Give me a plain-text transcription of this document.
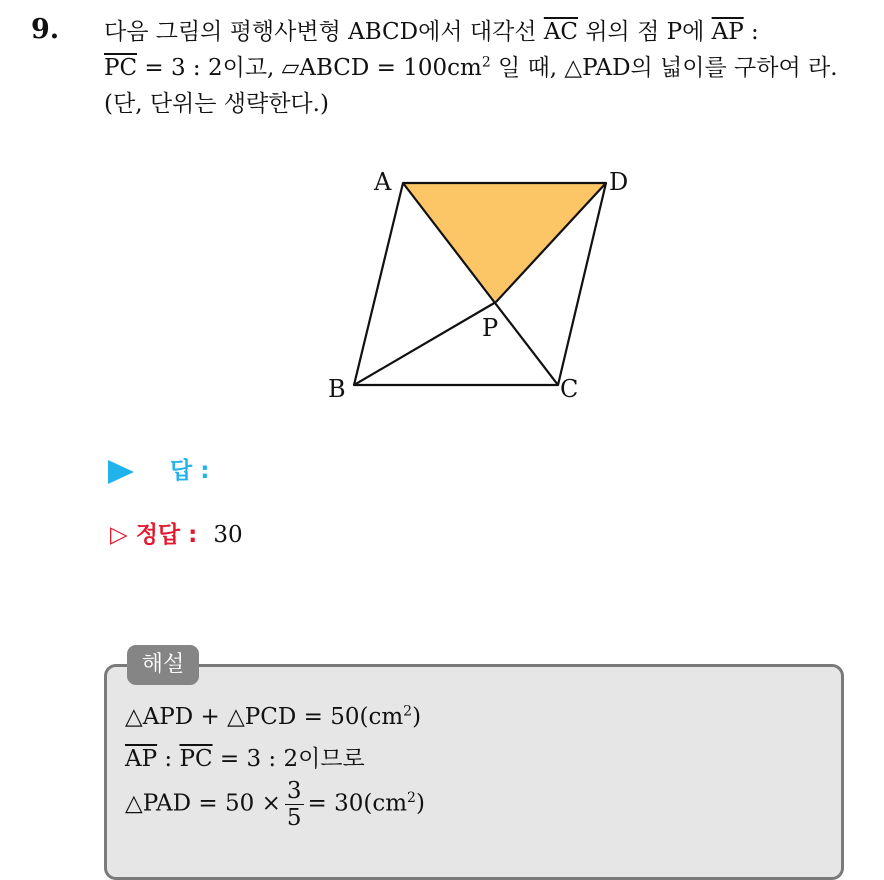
9. 다음 그림의 평행사변형 ABCD에서 대각선 $\overline{AC}$ 위의 점 P에 $\overline{AP}$ :
$\overline{PC} = 3$ : 2이고, ▱ABCD = $100cm^2$ 일 때, △PAD의 넓이를 구하여 라. (단, 단위는 생략한다.)
A	D
B	C
P
답 :
▷ 정답 : 30
해설
△APD + △PCD = $50(cm^2)$
$\overline{AP}$ : $\overline{PC} = 3$ : 2이므로
△PAD = $50 \times \frac{3}{5} = 30(cm^2)$
